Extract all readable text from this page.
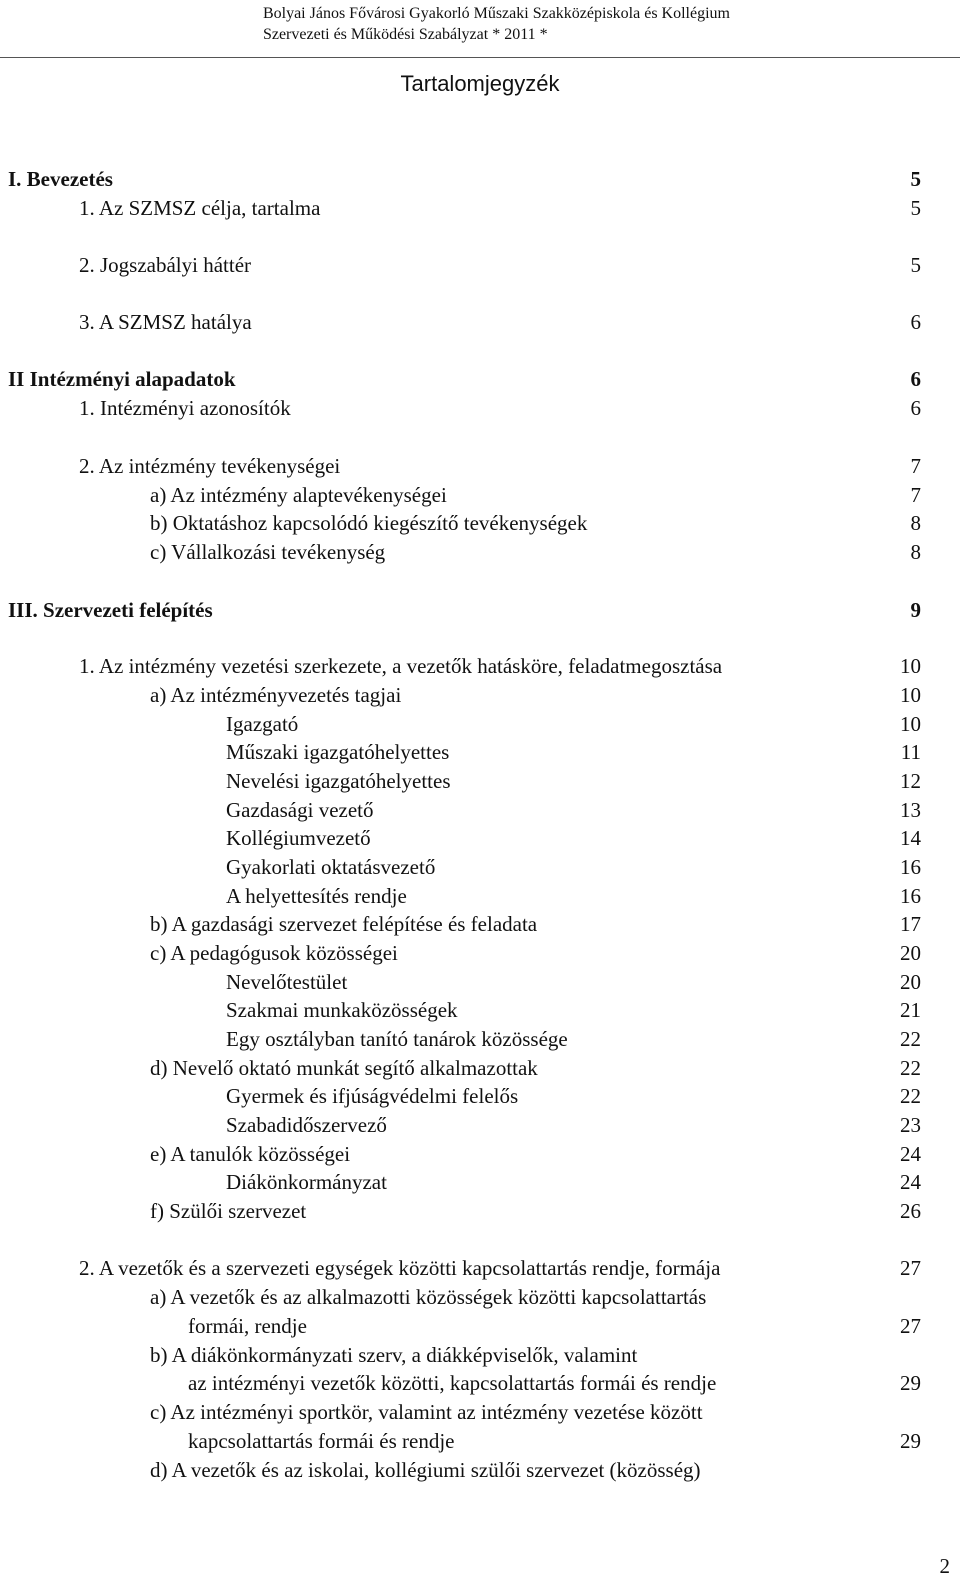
Bolyai János Fővárosi Gyakorló Műszaki Szakközépiskola és Kollégium
Szervezeti és Működési Szabályzat * 2011 *
Tartalomjegyzék
I. Bevezetés	5
1. Az SZMSZ célja, tartalma	5
2. Jogszabályi háttér	5
3. A SZMSZ hatálya	6
II Intézményi alapadatok	6
1. Intézményi azonosítók	6
2. Az intézmény tevékenységei	7
a) Az intézmény alaptevékenységei	7
b) Oktatáshoz kapcsolódó kiegészítő tevékenységek	8
c) Vállalkozási tevékenység	8
III. Szervezeti felépítés	9
1. Az intézmény vezetési szerkezete, a vezetők hatásköre, feladatmegosztása	10
a) Az intézményvezetés tagjai	10
Igazgató	10
Műszaki igazgatóhelyettes	11
Nevelési igazgatóhelyettes	12
Gazdasági vezető	13
Kollégiumvezető	14
Gyakorlati oktatásvezető	16
A helyettesítés rendje	16
b) A gazdasági szervezet felépítése és feladata	17
c) A pedagógusok közösségei	20
Nevelőtestület	20
Szakmai munkaközösségek	21
Egy osztályban tanító tanárok közössége	22
d) Nevelő oktató munkát segítő alkalmazottak	22
Gyermek és ifjúságvédelmi felelős	22
Szabadidőszervező	23
e) A tanulók közösségei	24
Diákönkormányzat	24
f) Szülői szervezet	26
2. A vezetők és a szervezeti egységek közötti kapcsolattartás rendje, formája	27
a) A vezetők és az alkalmazotti közösségek közötti kapcsolattartás
formái, rendje	27
b) A diákönkormányzati szerv, a diákképviselők, valamint
az intézményi vezetők közötti, kapcsolattartás formái és rendje	29
c) Az intézményi sportkör, valamint az intézmény vezetése között
kapcsolattartás formái és rendje	29
d) A vezetők és az iskolai, kollégiumi szülői szervezet (közösség)
2
